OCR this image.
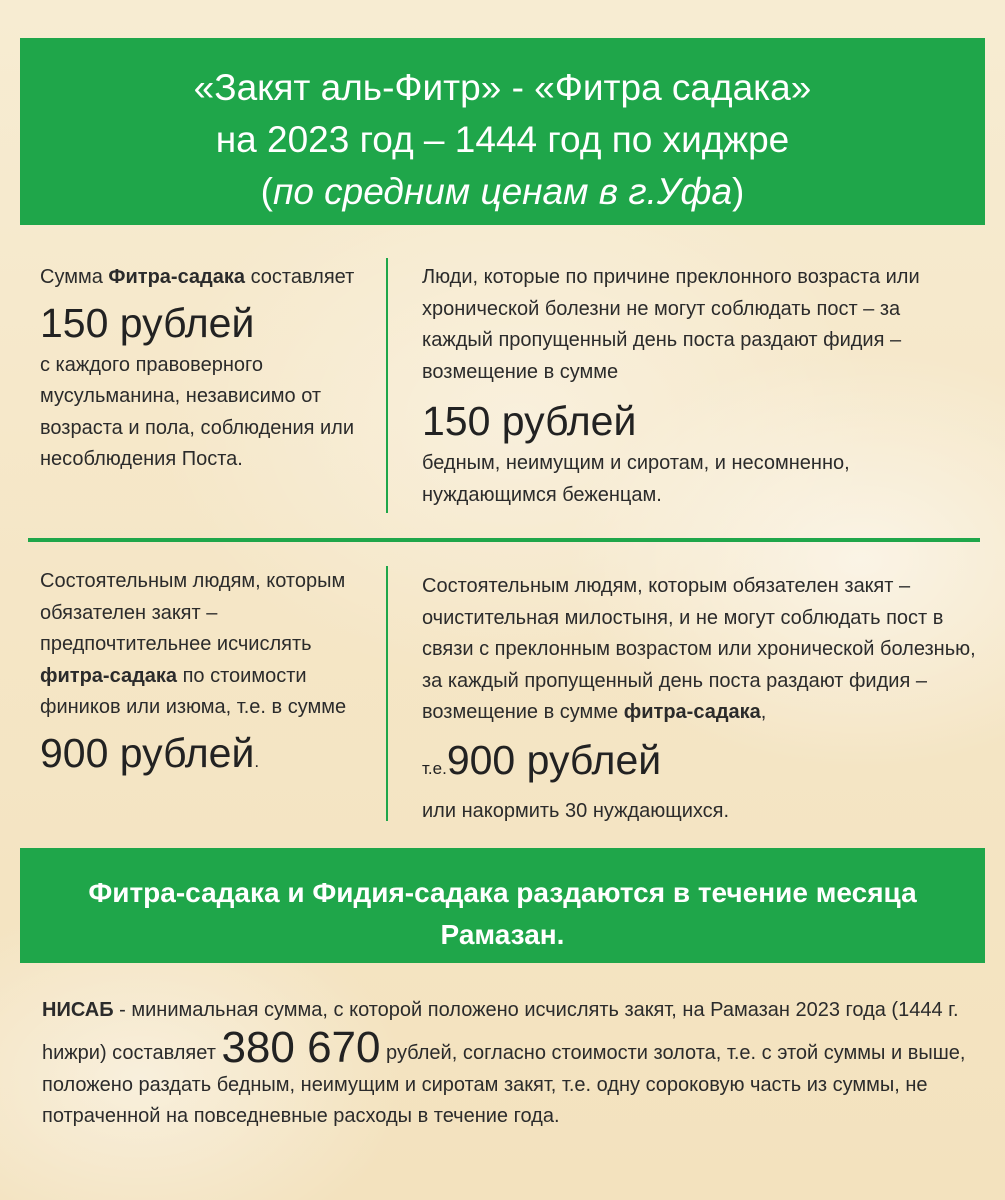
«Закят аль-Фитр» - «Фитра садака»
на 2023 год – 1444 год по хиджре
(по средним ценам в г.Уфа)
Сумма Фитра-садака составляет
150 рублей
с каждого правоверного мусульманина, независимо от возраста и пола, соблюдения или несоблюдения Поста.
Люди, которые по причине преклонного возраста или хронической болезни не могут соблюдать пост – за каждый пропущенный день поста раздают фидия – возмещение в сумме
150 рублей
бедным, неимущим и сиротам, и несомненно, нуждающимся беженцам.
Состоятельным людям, которым обязателен закят – предпочтительнее исчислять фитра-садака по стоимости фиников или изюма, т.е. в сумме
900 рублей.
Состоятельным людям, которым обязателен закят – очистительная милостыня, и не могут соблюдать пост в связи с преклонным возрастом или хронической болезнью, за каждый пропущенный день поста раздают фидия – возмещение в сумме фитра-садака,
т.е.900 рублей
или накормить 30 нуждающихся.
Фитра-садака и Фидия-садака раздаются в течение месяца
Рамазан.
НИСАБ - минимальная сумма, с которой положено исчислять закят, на Рамазан 2023 года (1444 г. hижри) составляет 380 670 рублей, согласно стоимости золота, т.е. с этой суммы и выше, положено раздать бедным, неимущим и сиротам закят, т.е. одну сороковую часть из суммы, не потраченной на повседневные расходы в течение года.
